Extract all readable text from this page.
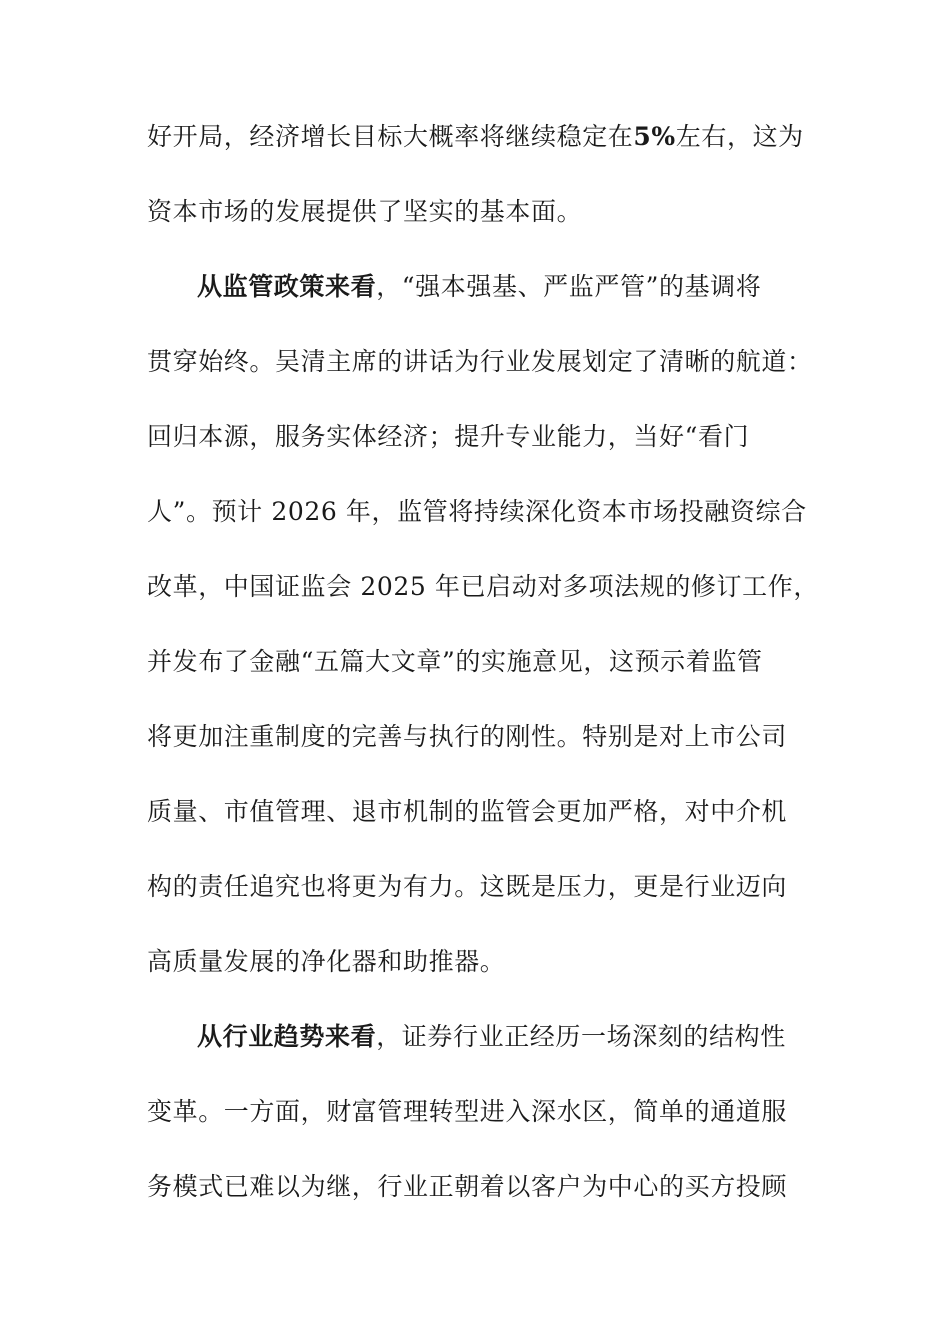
好开局，经济增长目标大概率将继续稳定在5%左右，这为
资本市场的发展提供了坚实的基本面。
从监管政策来看，“强本强基、严监严管”的基调将
贯穿始终。吴清主席的讲话为行业发展划定了清晰的航道：
回归本源，服务实体经济；提升专业能力，当好“看门
人”。预计 2026 年，监管将持续深化资本市场投融资综合
改革，中国证监会 2025 年已启动对多项法规的修订工作，
并发布了金融“五篇大文章”的实施意见，这预示着监管
将更加注重制度的完善与执行的刚性。特别是对上市公司
质量、市值管理、退市机制的监管会更加严格，对中介机
构的责任追究也将更为有力。这既是压力，更是行业迈向
高质量发展的净化器和助推器。
从行业趋势来看，证券行业正经历一场深刻的结构性
变革。一方面，财富管理转型进入深水区，简单的通道服
务模式已难以为继，行业正朝着以客户为中心的买方投顾
